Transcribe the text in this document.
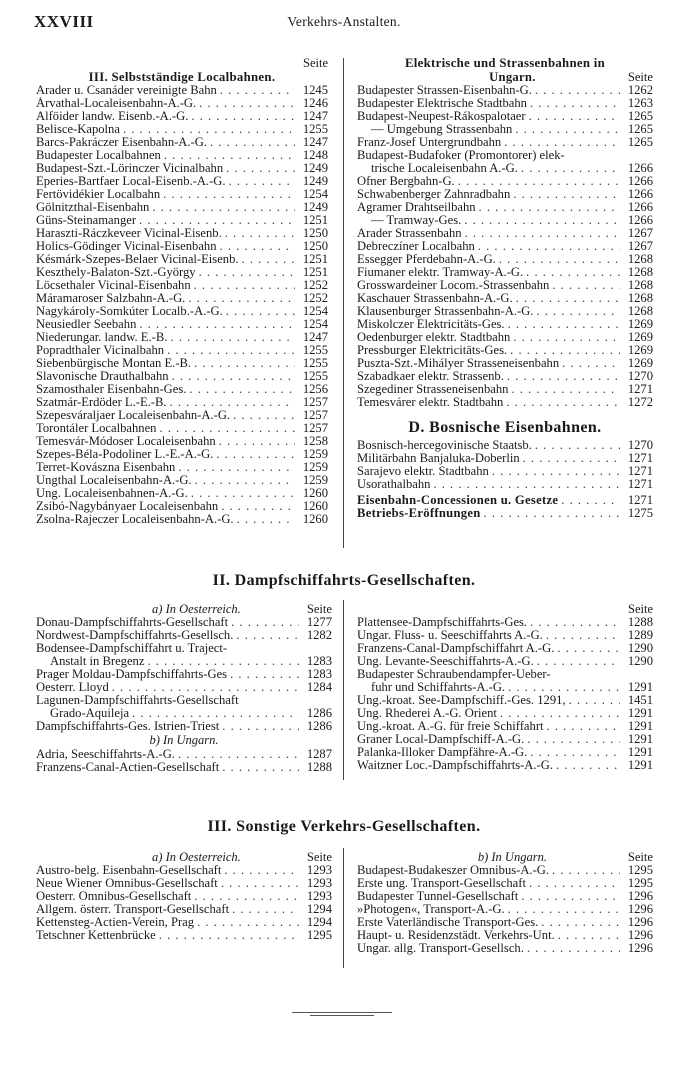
XXVIII	Verkehrs-Anstalten.
Seite
III. Selbstständige Localbahnen.
Aradеr u. Csanáder vereinigte Bahn . . .	1245
Árvathal-Localeisenbahn-A.-G. . . .	1246
Alföider landw. Eisenb.-A.-G. . . .	1247
Belisce-Kapolna . . .	1255
Barcs-Pakráczer Eisenbahn-A.-G. . . .	1247
Budapester Localbahnen . . .	1248
Budapest-Szt.-Lörinczer Vicinalbahn . . .	1249
Eperies-Bartfaer Local-Eisenb.-A.-G. . . .	1249
Fertövidékier Localbahn . . .	1254
Gölnitzthal-Eisenbahn . . .	1249
Güns-Steinamanger . . .	1251
Haraszti-Ráczkeveer Vicinal-Eisenb. . . .	1250
Holics-Gödinger Vicinal-Eisenbahn . . .	1250
Késmárk-Szepes-Belaer Vicinal-Eisenb. . . .	1251
Keszthely-Balaton-Szt.-György . . .	1251
Löcsethaler Vicinal-Eisenbahn . . .	1252
Máramaroser Salzbahn-A.-G. . . .	1252
Nagykároly-Somkúter Localb.-A.-G. . . .	1254
Neusiedler Seebahn . . .	1254
Niederungar. landw. E.-B. . . .	1247
Popradthaler Vicinalbahn . . .	1255
Siebenbürgische Montan E.-B. . . .	1255
Slavonische Drauthalbahn . . .	1255
Szamosthaler Eisenbahn-Ges. . . .	1256
Szatmár-Erdöder L.-E.-B. . . .	1257
Szepesváraljaer Localeisenbahn-A.-G. . . .	1257
Torontáler Localbahnen . . .	1257
Temesvár-Módoser Localeisenbahn . . .	1258
Szepes-Béla-Podoliner L.-E.-A.-G. . . .	1259
Terret-Kovászna Eisenbahn . . .	1259
Ungthal Localeisenbahn-A.-G. . . .	1259
Ung. Localeisenbahnen-A.-G. . . .	1260
Zsibó-Nagybányaer Localeisenbahn . . .	1260
Zsolna-Rajeczer Localeisenbahn-A.-G. . . .	1260
Elektrische und Strassenbahnen in
Ungarn.	Seite
Budapester Strassen-Eisenbahn-G. . . .	1262
Budapester Elektrische Stadtbahn . . .	1263
Budapest-Neupest-Rákospalotaer . . .	1265
— Umgebung Strassenbahn . . .	1265
Franz-Josef Untergrundbahn . . .	1265
Budapest-Budafoker (Promontorer) elek-
trische Localeisenbahn A.-G. . . .	1266
Ofner Bergbahn-G. . . .	1266
Schwabenberger Zahnradbahn . . .	1266
Agramer Drahtseilbahn . . .	1266
— Tramway-Ges. . . .	1266
Arader Strassenbahn . . .	1267
Debreczíner Localbahn . . .	1267
Essegger Pferdebahn-A.-G. . . .	1268
Fiumaner elektr. Tramway-A.-G. . . .	1268
Grosswardeiner Locom.-Strassenbahn . . .	1268
Kaschauer Strassenbahn-A.-G. . . .	1268
Klausenburger Strassenbahn-A.-G. . . .	1268
Miskolczer Elektricitäts-Ges. . . .	1269
Oedenburger elektr. Stadtbahn . . .	1269
Pressburger Elektricitäts-Ges. . . .	1269
Puszta-Szt.-Mihályer Strasseneisenbahn . . .	1269
Szabadkaer elektr. Strassenb. . . .	1270
Szegediner Strasseneisenbahn . . .	1271
Temesvárer elektr. Stadtbahn . . .	1272
D. Bosnische Eisenbahnen.
Bosnisch-hercegovinische Staatsb. . . .	1270
Militärbahn Banjaluka-Doberlin . . .	1271
Sarajevo elektr. Stadtbahn . . .	1271
Usorathalbahn . . .	1271
Eisenbahn-Concessionen u. Gesetze . . .	1271
Betriebs-Eröffnungen . . .	1275
II. Dampfschiffahrts-Gesellschaften.
a) In Oesterreich.	Seite
Donau-Dampfschiffahrts-Gesellschaft . . .	1277
Nordwest-Dampfschiffahrts-Gesellsch. . . .	1282
Bodensee-Dampfschiffahrt u. Traject-
Anstalt in Bregenz . . .	1283
Prager Moldau-Dampfschiffahrts-Ges . . .	1283
Oesterr. Lloyd . . .	1284
Lagunen-Dampfschiffahrts-Gesellschaft
Grado-Aquileja . . .	1286
Dampfschiffahrts-Ges. Istrien-Triest . . .	1286
b) In Ungarn.
Adria, Seeschiffahrts-A.-G. . . .	1287
Franzens-Canal-Actien-Gesellschaft . . .	1288
Seite
Plattensee-Dampfschiffahrts-Ges. . . .	1288
Ungar. Fluss- u. Seeschiffahrts A.-G. . . .	1289
Franzens-Canal-Dampfschiffahrt A.-G. . . .	1290
Ung. Levante-Seeschiffahrts-A.-G. . . .	1290
Budapester Schraubendampfer-Ueber-
fuhr und Schiffahrts-A.-G. . . .	1291
Ung.-kroat. See-Dampfschiff.-Ges. 1291, . . .	1451
Ung. Rhederei A.-G. Orient . . .	1291
Ung.-kroat. A.-G. für freie Schiffahrt . . .	1291
Graner Local-Dampfschiff-A.-G. . . .	1291
Palanka-Illoker Dampfähre-A.-G. . . .	1291
Waitzner Loc.-Dampfschiffahrts-A.-G. . . .	1291
III. Sonstige Verkehrs-Gesellschaften.
a) In Oesterreich.	Seite
Austro-belg. Eisenbahn-Gesellschaft . . .	1293
Neue Wiener Omnibus-Gesellschaft . . .	1293
Oesterr. Omnibus-Gesellschaft . . .	1293
Allgem. österr. Transport-Gesellschaft . . .	1294
Kettensteg-Actien-Verein, Prag . . .	1294
Tetschner Kettenbrücke . . .	1295
b) In Ungarn.	Seite
Budapest-Budakeszer Omnibus-A.-G. . . .	1295
Erste ung. Transport-Gesellschaft . . .	1295
Budapester Tunnel-Gesellschaft . . .	1296
»Photogen«, Transport-A.-G. . . .	1296
Erste Vaterländische Transport-Ges. . . .	1296
Haupt- u. Residenzstädt. Verkehrs-Unt. . . .	1296
Ungar. allg. Transport-Gesellsch. . . .	1296
